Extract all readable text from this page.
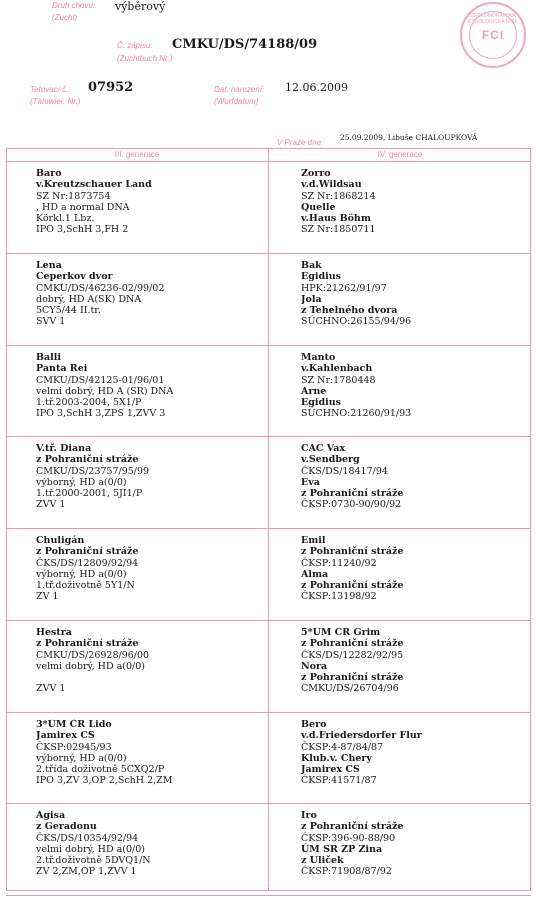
Druh chovu:
(Zucht)
výběrový
Č. zápisu:
(Zuchtbuch Nr.)
CMKU/DS/74188/09
Tetovací č.:
(Tätowier. Nr.)
07952	Dat. narození:
(Wurfdatum)
12.06.2009
V Praze dne:
25.09.2009, Libuše CHALOUPKOVÁ
ČESKOMORAVSKÁ KYNOLOGICKÁ UNIE
FCI
III. generace	IV. generace
Baro
v.Kreutzschauer Land
SZ Nr:1873754
, HD a normal DNA
Körkl.1 Lbz.
IPO 3,SchH 3,FH 2
Lena
Ceperkov dvor
CMKU/DS/46236-02/99/02
dobrý, HD A(SK) DNA
5CY5/44 II.tr.
SVV 1
Balli
Panta Rei
CMKU/DS/42125-01/96/01
velmi dobrý, HD A (SR) DNA
1.tř.2003-2004, 5X1/P
IPO 3,SchH 3,ZPS 1,ZVV 3
V.tř. Diana
z Pohraniční stráže
CMKU/DS/23757/95/99
výborný, HD a(0/0)
1.tř.2000-2001, 5JI1/P
ZVV 1
Chuligán
z Pohraniční stráže
ČKS/DS/12809/92/94
výborný, HD a(0/0)
1.tř.doživotně 5Y1/N
ZV 1
Hestra
z Pohraniční stráže
CMKU/DS/26928/96/00
velmi dobrý, HD a(0/0)
ZVV 1
3*ÚM ČR Lido
Jamirex CS
ČKSP:02945/93
výborný, HD a(0/0)
2.třída doživotně 5CXQ2/P
IPO 3,ZV 3,OP 2,SchH 2,ZM
Agisa
z Geradonu
ČKS/DS/10354/92/94
velmi dobrý, HD a(0/0)
2.tř.doživotně 5DVQ1/N
ZV 2,ZM,OP 1,ZVV 1
Zorro
v.d.Wildsau
SZ Nr:1868214
Quelle
v.Haus Böhm
SZ Nr:1850711
Bak
Egidius
HPK:21262/91/97
Jola
z Tehelného dvora
SÚCHNO:26155/94/96
Manto
v.Kahlenbach
SZ Nr:1780448
Arne
Egidius
SÚCHNO:21260/91/93
CAC Vax
v.Sendberg
ČKS/DS/18417/94
Eva
z Pohraniční stráže
ČKSP:0730-90/90/92
Emil
z Pohraniční stráže
ČKSP:11240/92
Alma
z Pohraniční stráže
ČKSP:13198/92
5*ÚM ČR Grim
z Pohraniční stráže
ČKS/DS/12282/92/95
Nora
z Pohraniční stráže
CMKU/DS/26704/96
Bero
v.d.Friedersdorfer Flur
ČKSP:4-87/84/87
Klub.v. Chery
Jamirex CS
ČKSP:41571/87
Iro
z Pohraniční stráže
ČKSP:396-90-88/90
ÚM SR ZP Zina
z Uliček
ČKSP:71908/87/92
